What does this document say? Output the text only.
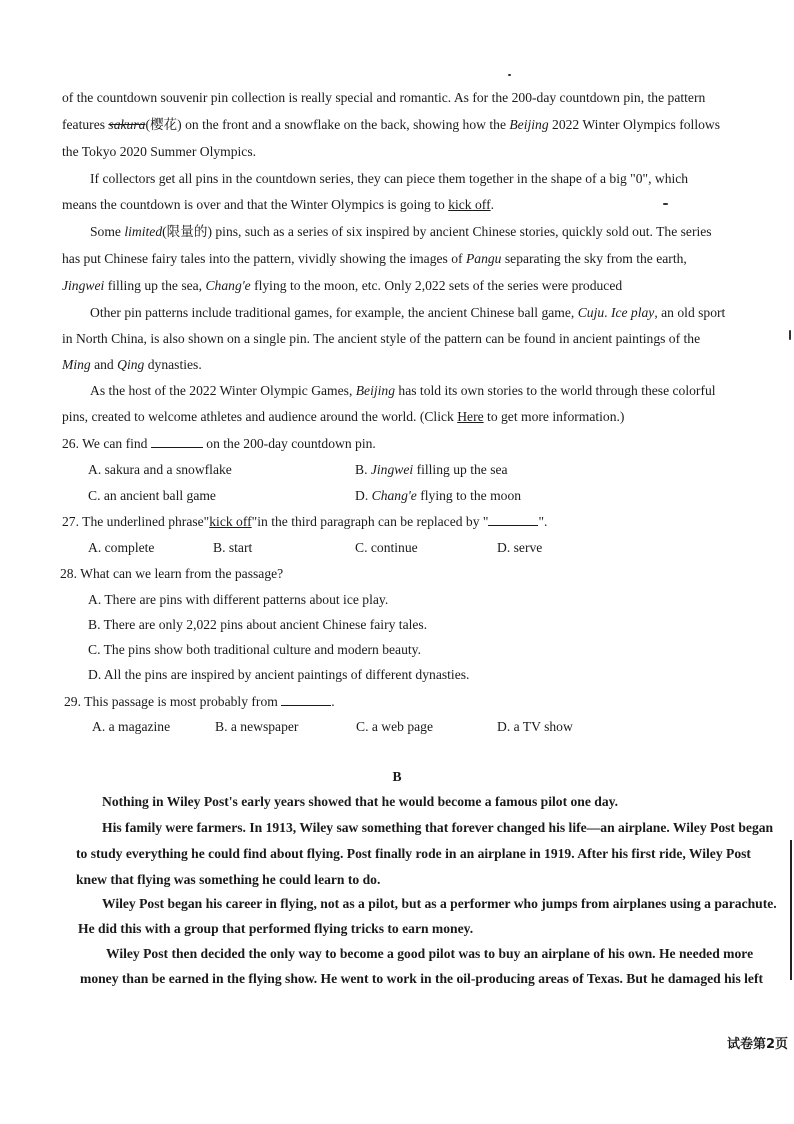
of the countdown souvenir pin collection is really special and romantic. As for the 200-day countdown pin, the pattern
features sakura(樱花) on the front and a snowflake on the back, showing how the Beijing 2022 Winter Olympics follows
the Tokyo 2020 Summer Olympics.
If collectors get all pins in the countdown series, they can piece them together in the shape of a big "0", which
means the countdown is over and that the Winter Olympics is going to kick off.
Some limited(限量的) pins, such as a series of six inspired by ancient Chinese stories, quickly sold out. The series
has put Chinese fairy tales into the pattern, vividly showing the images of Pangu separating the sky from the earth,
Jingwei filling up the sea, Chang'e flying to the moon, etc. Only 2,022 sets of the series were produced
Other pin patterns include traditional games, for example, the ancient Chinese ball game, Cuju. Ice play, an old sport
in North China, is also shown on a single pin. The ancient style of the pattern can be found in ancient paintings of the
Ming and Qing dynasties.
As the host of the 2022 Winter Olympic Games, Beijing has told its own stories to the world through these colorful
pins, created to welcome athletes and audience around the world. (Click Here to get more information.)
26. We can find	on the 200-day countdown pin.
A. sakura and a snowflake	B. Jingwei filling up the sea
C. an ancient ball game	D. Chang'e flying to the moon
27. The underlined phrase"kick off"in the third paragraph can be replaced by "	".
A. complete	B. start	C. continue	D. serve
28. What can we learn from the passage?
A. There are pins with different patterns about ice play.
B. There are only 2,022 pins about ancient Chinese fairy tales.
C. The pins show both traditional culture and modern beauty.
D. All the pins are inspired by ancient paintings of different dynasties.
29. This passage is most probably from	.
A. a magazine	B. a newspaper	C. a web page	D. a TV show
B
Nothing in Wiley Post's early years showed that he would become a famous pilot one day.
His family were farmers. In 1913, Wiley saw something that forever changed his life—an airplane. Wiley Post began
to study everything he could find about flying. Post finally rode in an airplane in 1919. After his first ride, Wiley Post
knew that flying was something he could learn to do.
Wiley Post began his career in flying, not as a pilot, but as a performer who jumps from airplanes using a parachute.
He did this with a group that performed flying tricks to earn money.
Wiley Post then decided the only way to become a good pilot was to buy an airplane of his own. He needed more
money than be earned in the flying show. He went to work in the oil-producing areas of Texas. But he damaged his left
试卷第2页
